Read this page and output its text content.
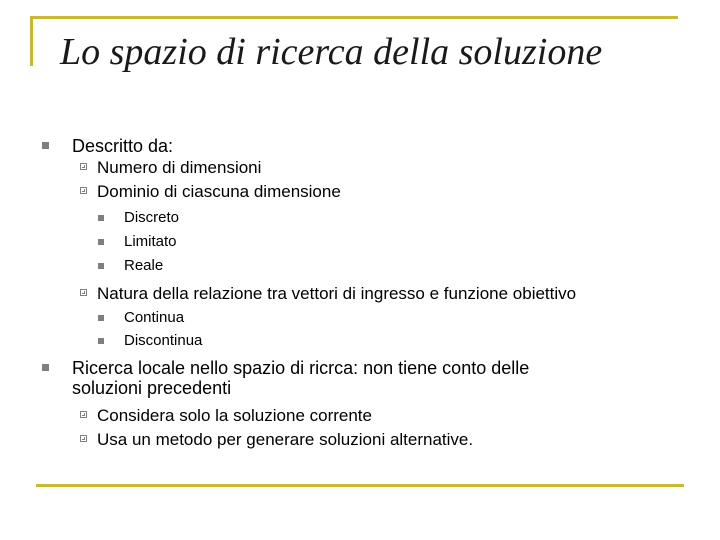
Lo spazio di ricerca della soluzione
Descritto da:
Numero di dimensioni
Dominio di ciascuna dimensione
Discreto
Limitato
Reale
Natura della relazione tra vettori di ingresso e funzione obiettivo
Continua
Discontinua
Ricerca locale nello spazio di ricrca: non tiene conto delle
soluzioni precedenti
Considera solo la soluzione corrente
Usa un metodo per generare soluzioni alternative.
